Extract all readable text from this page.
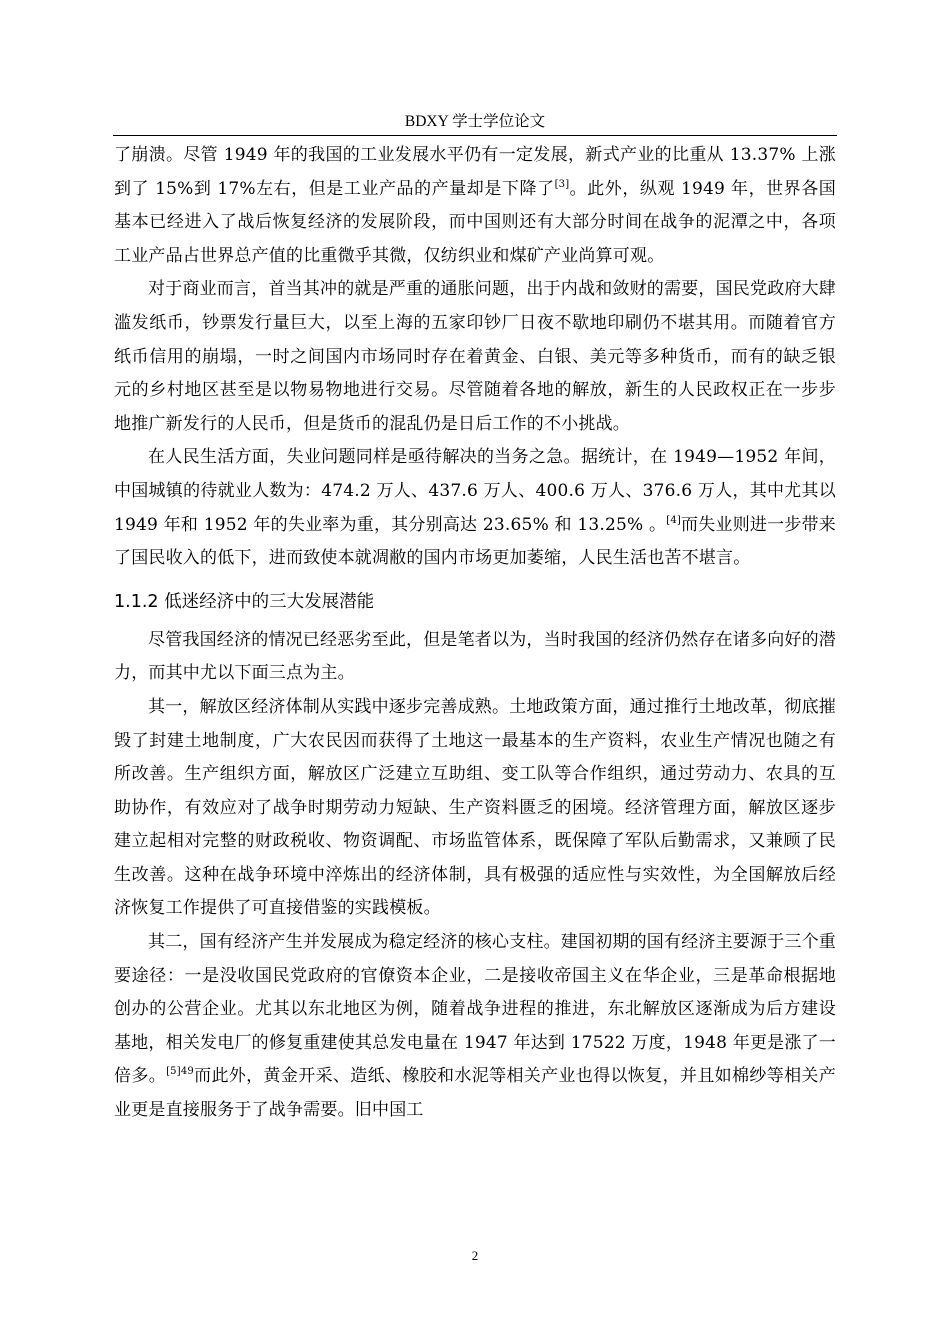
BDXY 学士学位论文

了崩溃。尽管 1949 年的我国的工业发展水平仍有一定发展，新式产业的比重从 13.37% 上涨到了 15%到 17%左右，但是工业产品的产量却是下降了[3]。此外，纵观 1949 年，世界各国基本已经进入了战后恢复经济的发展阶段，而中国则还有大部分时间在战争的泥潭之中，各项工业产品占世界总产值的比重微乎其微，仅纺织业和煤矿产业尚算可观。

对于商业而言，首当其冲的就是严重的通胀问题，出于内战和敛财的需要，国民党政府大肆滥发纸币，钞票发行量巨大，以至上海的五家印钞厂日夜不歇地印刷仍不堪其用。而随着官方纸币信用的崩塌，一时之间国内市场同时存在着黄金、白银、美元等多种货币，而有的缺乏银元的乡村地区甚至是以物易物地进行交易。尽管随着各地的解放，新生的人民政权正在一步步地推广新发行的人民币，但是货币的混乱仍是日后工作的不小挑战。

在人民生活方面，失业问题同样是亟待解决的当务之急。据统计，在 1949—1952 年间，中国城镇的待就业人数为：474.2 万人、437.6 万人、400.6 万人、376.6 万人，其中尤其以 1949 年和 1952 年的失业率为重，其分别高达 23.65% 和 13.25% 。[4]而失业则进一步带来了国民收入的低下，进而致使本就凋敝的国内市场更加萎缩，人民生活也苦不堪言。

1.1.2 低迷经济中的三大发展潜能

尽管我国经济的情况已经恶劣至此，但是笔者以为，当时我国的经济仍然存在诸多向好的潜力，而其中尤以下面三点为主。

其一，解放区经济体制从实践中逐步完善成熟。土地政策方面，通过推行土地改革，彻底摧毁了封建土地制度，广大农民因而获得了土地这一最基本的生产资料，农业生产情况也随之有所改善。生产组织方面，解放区广泛建立互助组、变工队等合作组织，通过劳动力、农具的互助协作，有效应对了战争时期劳动力短缺、生产资料匮乏的困境。经济管理方面，解放区逐步建立起相对完整的财政税收、物资调配、市场监管体系，既保障了军队后勤需求，又兼顾了民生改善。这种在战争环境中淬炼出的经济体制，具有极强的适应性与实效性，为全国解放后经济恢复工作提供了可直接借鉴的实践模板。

其二，国有经济产生并发展成为稳定经济的核心支柱。建国初期的国有经济主要源于三个重要途径：一是没收国民党政府的官僚资本企业，二是接收帝国主义在华企业，三是革命根据地创办的公营企业。尤其以东北地区为例，随着战争进程的推进，东北解放区逐渐成为后方建设基地，相关发电厂的修复重建使其总发电量在 1947 年达到 17522 万度，1948 年更是涨了一倍多。$^{[5]49}$而此外，黄金开采、造纸、橡胶和水泥等相关产业也得以恢复，并且如棉纱等相关产业更是直接服务于了战争需要。旧中国工

2
